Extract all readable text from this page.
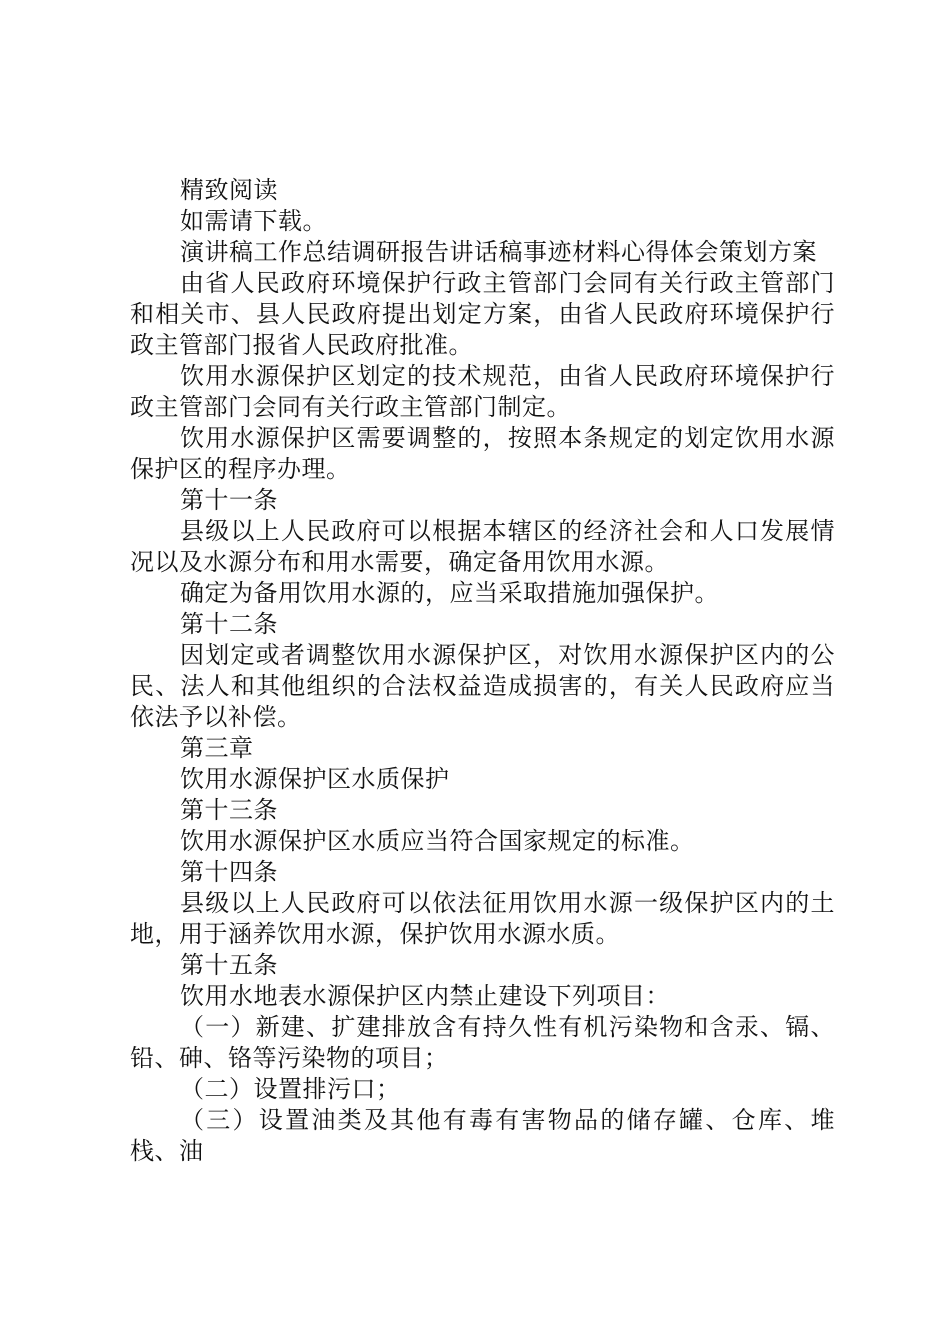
精致阅读

如需请下载。

演讲稿工作总结调研报告讲话稿事迹材料心得体会策划方案

由省人民政府环境保护行政主管部门会同有关行政主管部门和相关市、县人民政府提出划定方案，由省人民政府环境保护行政主管部门报省人民政府批准。

饮用水源保护区划定的技术规范，由省人民政府环境保护行政主管部门会同有关行政主管部门制定。

饮用水源保护区需要调整的，按照本条规定的划定饮用水源保护区的程序办理。

第十一条

县级以上人民政府可以根据本辖区的经济社会和人口发展情况以及水源分布和用水需要，确定备用饮用水源。

确定为备用饮用水源的，应当采取措施加强保护。

第十二条

因划定或者调整饮用水源保护区，对饮用水源保护区内的公民、法人和其他组织的合法权益造成损害的，有关人民政府应当依法予以补偿。

第三章

饮用水源保护区水质保护

第十三条

饮用水源保护区水质应当符合国家规定的标准。

第十四条

县级以上人民政府可以依法征用饮用水源一级保护区内的土地，用于涵养饮用水源，保护饮用水源水质。

第十五条

饮用水地表水源保护区内禁止建设下列项目：

（一）新建、扩建排放含有持久性有机污染物和含汞、镉、铅、砷、铬等污染物的项目；

（二）设置排污口；

（三）设置油类及其他有毒有害物品的储存罐、仓库、堆栈、油
